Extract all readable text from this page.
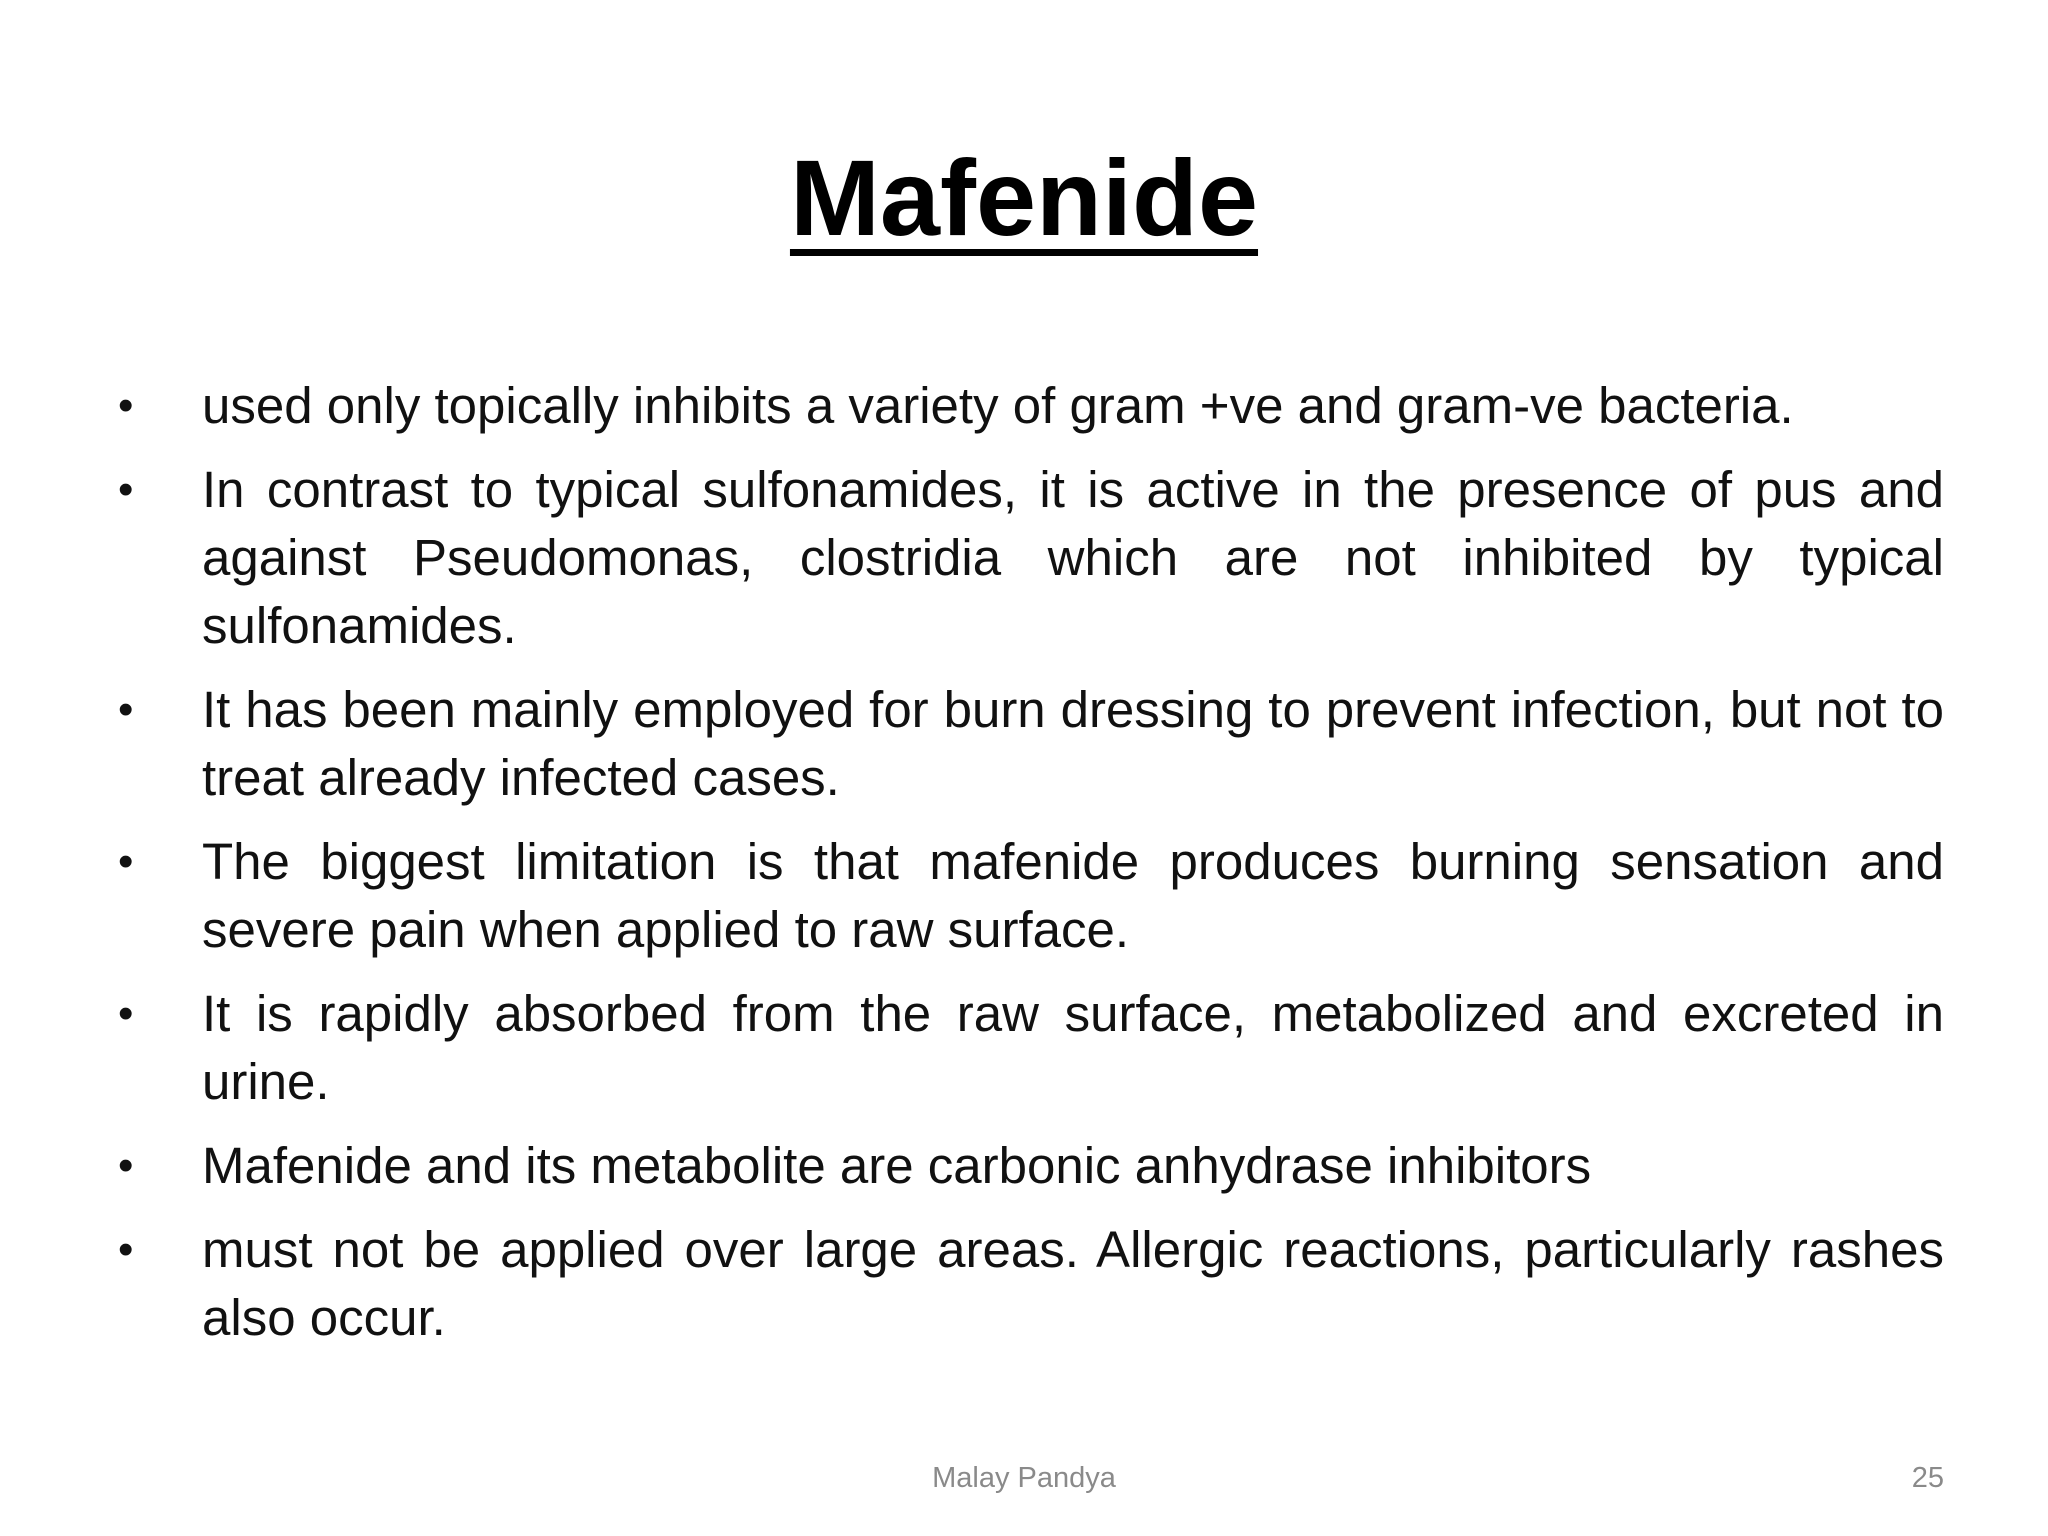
Mafenide
•	used only topically inhibits a variety of gram +ve and gram-ve bacteria.
•	In contrast to typical sulfonamides, it is active in the presence of pus and against Pseudomonas, clostridia which are not inhibited by typical sulfonamides.
•	It has been mainly employed for burn dressing to prevent infection, but not to treat already infected cases.
•	The biggest limitation is that mafenide produces burning sensation and severe pain when applied to raw surface.
•	It is rapidly absorbed from the raw surface, metabolized and excreted in urine.
•	Mafenide and its metabolite are carbonic anhydrase inhibitors
•	must not be applied over large areas. Allergic reactions, particularly rashes also occur.
Malay Pandya	25
